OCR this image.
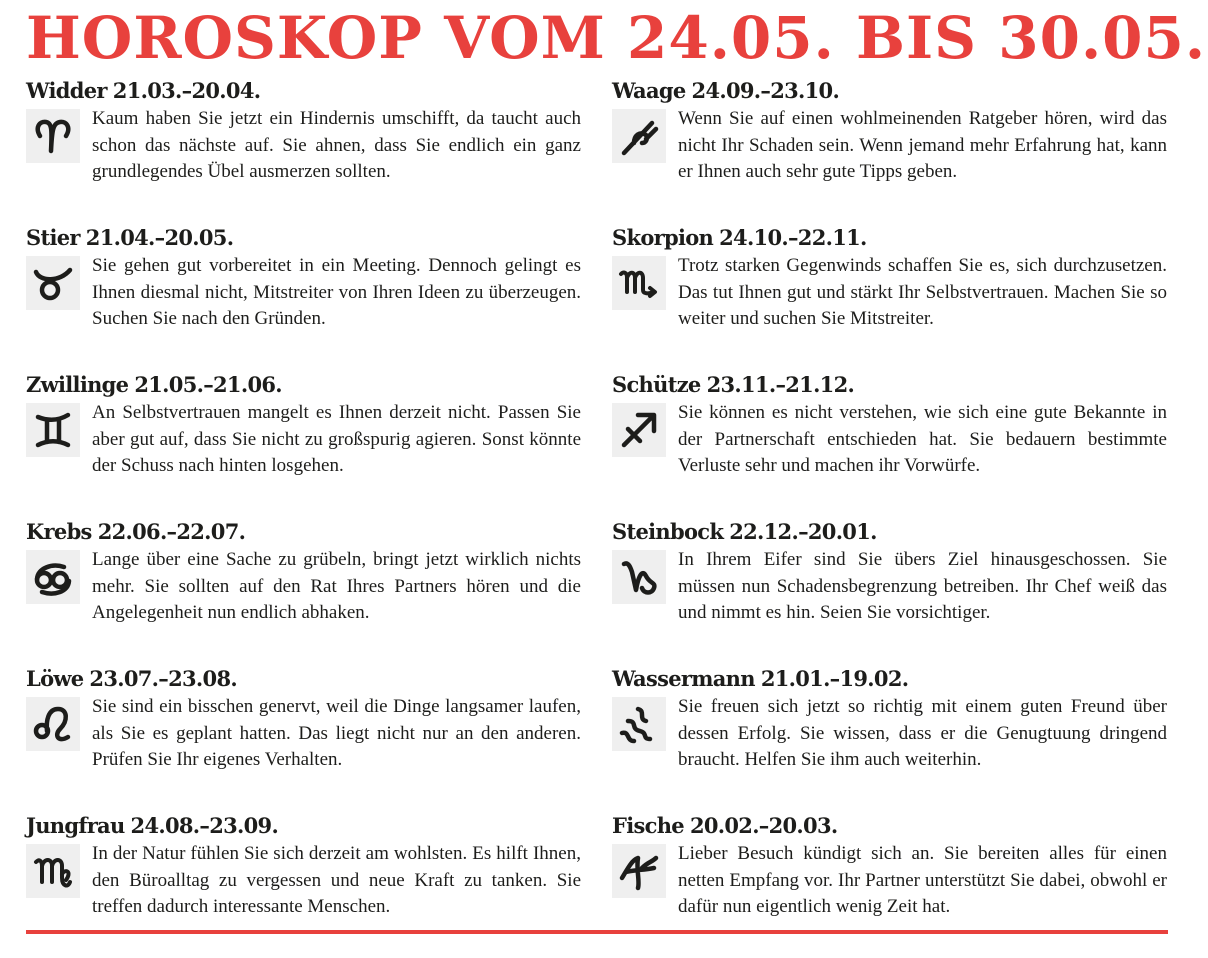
HOROSKOP VOM 24.05. BIS 30.05.
Widder 21.03.–20.04.

Kaum haben Sie jetzt ein Hindernis umschifft, da taucht auch schon das nächste auf. Sie ahnen, dass Sie endlich ein ganz grundlegendes Übel ausmerzen sollten.

Stier 21.04.–20.05.

Sie gehen gut vorbereitet in ein Meeting. Dennoch gelingt es Ihnen diesmal nicht, Mitstreiter von Ihren Ideen zu überzeugen. Suchen Sie nach den Gründen.

Zwillinge 21.05.–21.06.

An Selbstvertrauen mangelt es Ihnen derzeit nicht. Passen Sie aber gut auf, dass Sie nicht zu großspurig agieren. Sonst könnte der Schuss nach hinten losgehen.

Krebs 22.06.–22.07.

Lange über eine Sache zu grübeln, bringt jetzt wirklich nichts mehr. Sie sollten auf den Rat Ihres Partners hören und die Angelegenheit nun endlich abhaken.

Löwe 23.07.–23.08.

Sie sind ein bisschen genervt, weil die Dinge langsamer laufen, als Sie es geplant hatten. Das liegt nicht nur an den anderen. Prüfen Sie Ihr eigenes Verhalten.

Jungfrau 24.08.–23.09.

In der Natur fühlen Sie sich derzeit am wohlsten. Es hilft Ihnen, den Büroalltag zu vergessen und neue Kraft zu tanken. Sie treffen dadurch interessante Menschen.

Waage 24.09.–23.10.

Wenn Sie auf einen wohlmeinenden Ratgeber hören, wird das nicht Ihr Schaden sein. Wenn jemand mehr Erfahrung hat, kann er Ihnen auch sehr gute Tipps geben.

Skorpion 24.10.–22.11.

Trotz starken Gegenwinds schaffen Sie es, sich durchzusetzen. Das tut Ihnen gut und stärkt Ihr Selbstvertrauen. Machen Sie so weiter und suchen Sie Mitstreiter.

Schütze 23.11.–21.12.

Sie können es nicht verstehen, wie sich eine gute Bekannte in der Partnerschaft entschieden hat. Sie bedauern bestimmte Verluste sehr und machen ihr Vorwürfe.

Steinbock 22.12.–20.01.

In Ihrem Eifer sind Sie übers Ziel hinausgeschossen. Sie müssen nun Schadensbegrenzung betreiben. Ihr Chef weiß das und nimmt es hin. Seien Sie vorsichtiger.

Wassermann 21.01.–19.02.

Sie freuen sich jetzt so richtig mit einem guten Freund über dessen Erfolg. Sie wissen, dass er die Genugtuung dringend braucht. Helfen Sie ihm auch weiterhin.

Fische 20.02.–20.03.

Lieber Besuch kündigt sich an. Sie bereiten alles für einen netten Empfang vor. Ihr Partner unterstützt Sie dabei, obwohl er dafür nun eigentlich wenig Zeit hat.
